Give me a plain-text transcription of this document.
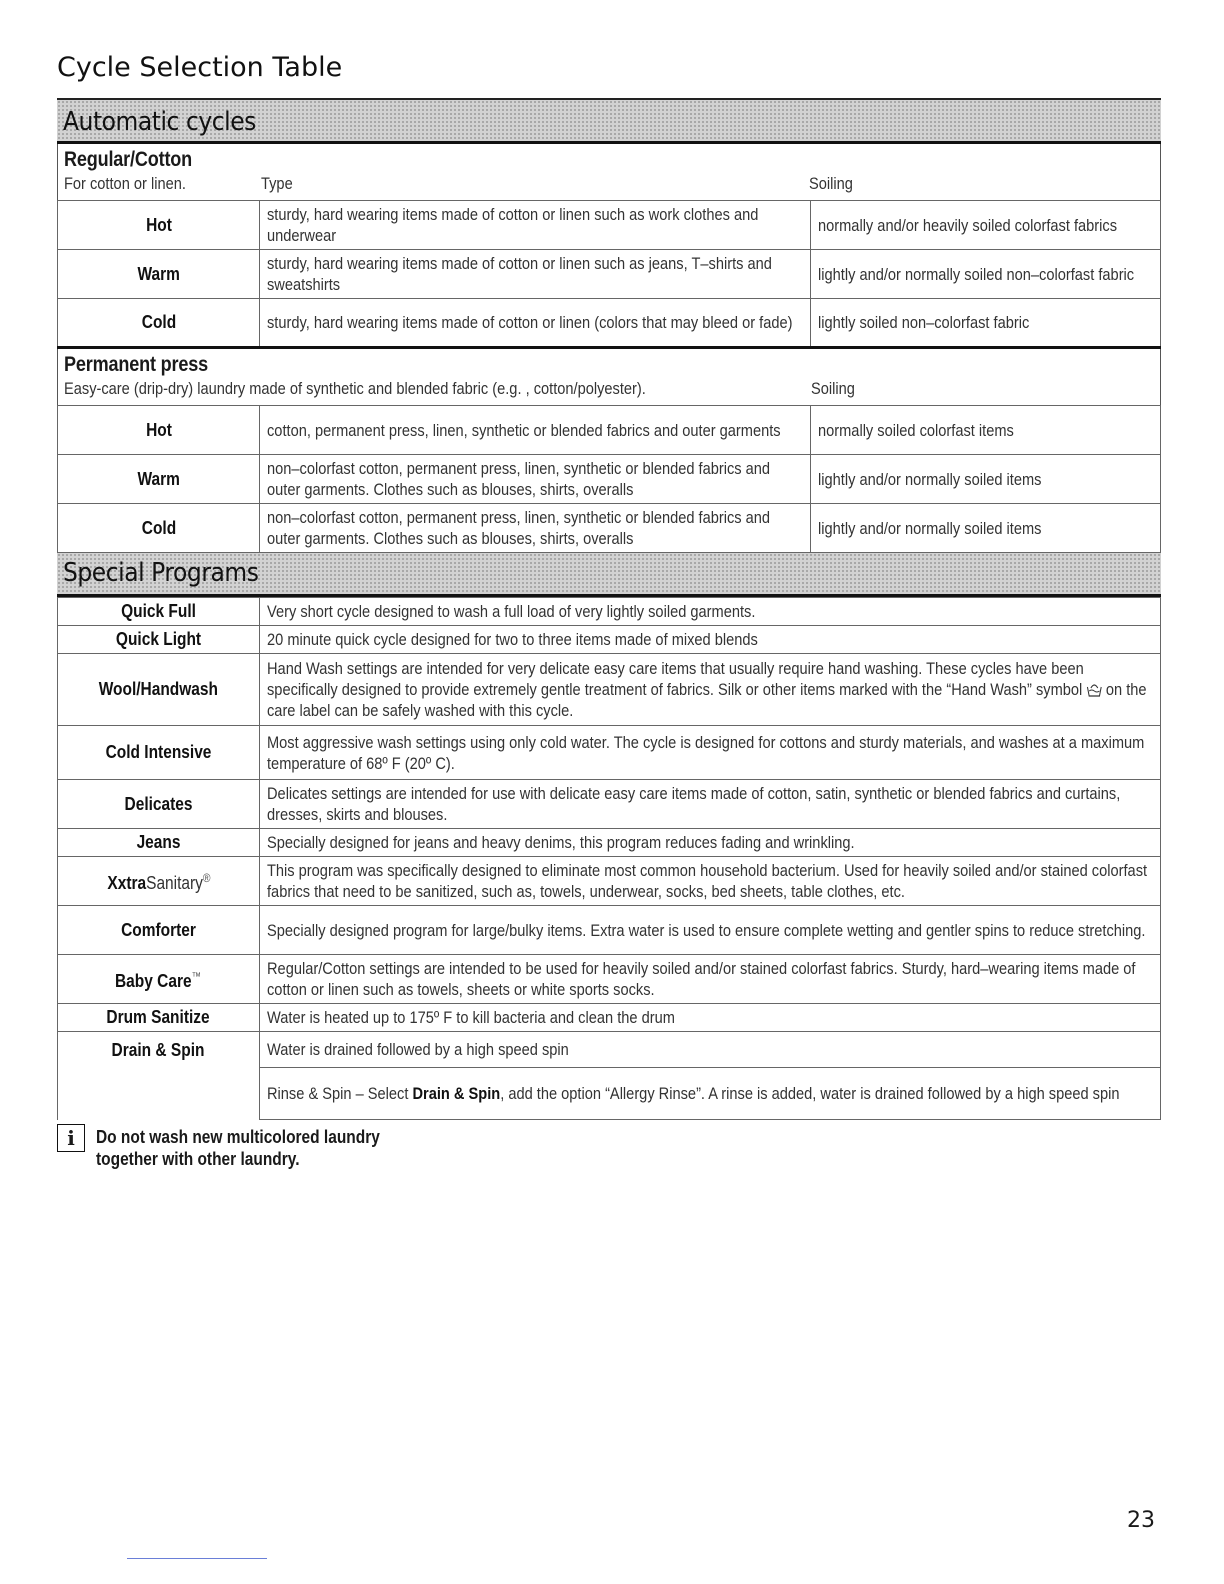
Cycle Selection Table
Automatic cycles
Regular/Cotton
For cotton or linen.	Type	Soiling
Hot	sturdy, hard wearing items made of cotton or linen such as work clothes and underwear	normally and/or heavily soiled colorfast fabrics
Warm	sturdy, hard wearing items made of cotton or linen such as jeans, T–shirts and sweatshirts	lightly and/or normally soiled non–colorfast fabric
Cold	sturdy, hard wearing items made of cotton or linen (colors that may bleed or fade)	lightly soiled non–colorfast fabric
Permanent press
Easy-care (drip-dry) laundry made of synthetic and blended fabric (e.g. , cotton/polyester).	Soiling
Hot	cotton, permanent press, linen, synthetic or blended fabrics and outer garments	normally soiled colorfast items
Warm	non–colorfast cotton, permanent press, linen, synthetic or blended fabrics and outer garments. Clothes such as blouses, shirts, overalls	lightly and/or normally soiled items
Cold	non–colorfast cotton, permanent press, linen, synthetic or blended fabrics and outer garments. Clothes such as blouses, shirts, overalls	lightly and/or normally soiled items
Special Programs
Quick Full	Very short cycle designed to wash a full load of very lightly soiled garments.
Quick Light	20 minute quick cycle designed for two to three items made of mixed blends
Wool/Handwash	Hand Wash settings are intended for very delicate easy care items that usually require hand washing. These cycles have been specifically designed to provide extremely gentle treatment of fabrics. Silk or other items marked with the “Hand Wash” symbol on the care label can be safely washed with this cycle.
Cold Intensive	Most aggressive wash settings using only cold water. The cycle is designed for cottons and sturdy materials, and washes at a maximum temperature of 68º F (20º C).
Delicates	Delicates settings are intended for use with delicate easy care items made of cotton, satin, synthetic or blended fabrics and curtains, dresses, skirts and blouses.
Jeans	Specially designed for jeans and heavy denims, this program reduces fading and wrinkling.
XxtraSanitary®	This program was specifically designed to eliminate most common household bacterium. Used for heavily soiled and/or stained colorfast fabrics that need to be sanitized, such as, towels, underwear, socks, bed sheets, table clothes, etc.
Comforter	Specially designed program for large/bulky items. Extra water is used to ensure complete wetting and gentler spins to reduce stretching.
Baby Care™	Regular/Cotton settings are intended to be used for heavily soiled and/or stained colorfast fabrics. Sturdy, hard–wearing items made of cotton or linen such as towels, sheets or white sports socks.
Drum Sanitize	Water is heated up to 175º F to kill bacteria and clean the drum
Drain & Spin	Water is drained followed by a high speed spin
	Rinse & Spin – Select Drain & Spin, add the option “Allergy Rinse”. A rinse is added, water is drained followed by a high speed spin
i	Do not wash new multicolored laundry
together with other laundry.
23
